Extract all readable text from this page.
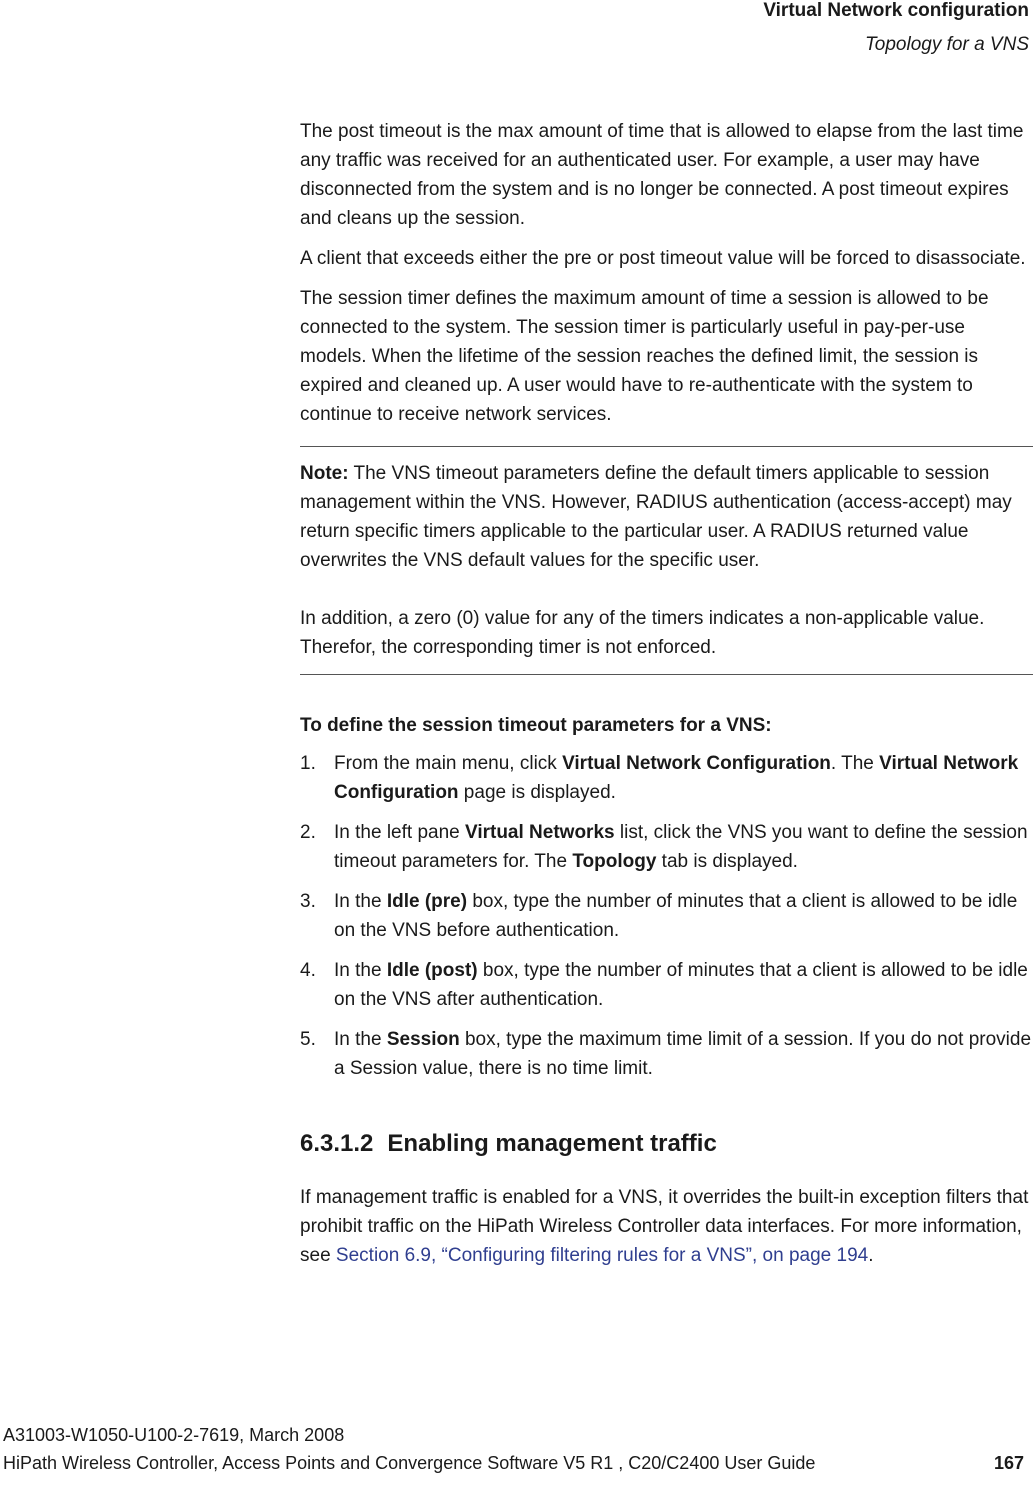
Virtual Network configuration
Topology for a VNS

The post timeout is the max amount of time that is allowed to elapse from the last time any traffic was received for an authenticated user. For example, a user may have disconnected from the system and is no longer be connected. A post timeout expires and cleans up the session.

A client that exceeds either the pre or post timeout value will be forced to disassociate.

The session timer defines the maximum amount of time a session is allowed to be connected to the system. The session timer is particularly useful in pay-per-use models. When the lifetime of the session reaches the defined limit, the session is expired and cleaned up. A user would have to re-authenticate with the system to continue to receive network services.

Note: The VNS timeout parameters define the default timers applicable to session management within the VNS. However, RADIUS authentication (access-accept) may return specific timers applicable to the particular user. A RADIUS returned value overwrites the VNS default values for the specific user.

In addition, a zero (0) value for any of the timers indicates a non-applicable value. Therefor, the corresponding timer is not enforced.

To define the session timeout parameters for a VNS:

1. From the main menu, click Virtual Network Configuration. The Virtual Network Configuration page is displayed.
2. In the left pane Virtual Networks list, click the VNS you want to define the session timeout parameters for. The Topology tab is displayed.
3. In the Idle (pre) box, type the number of minutes that a client is allowed to be idle on the VNS before authentication.
4. In the Idle (post) box, type the number of minutes that a client is allowed to be idle on the VNS after authentication.
5. In the Session box, type the maximum time limit of a session. If you do not provide a Session value, there is no time limit.
6.3.1.2 Enabling management traffic

If management traffic is enabled for a VNS, it overrides the built-in exception filters that prohibit traffic on the HiPath Wireless Controller data interfaces. For more information, see Section 6.9, “Configuring filtering rules for a VNS”, on page 194.

A31003-W1050-U100-2-7619, March 2008
HiPath Wireless Controller, Access Points and Convergence Software V5 R1 , C20/C2400 User Guide	167
